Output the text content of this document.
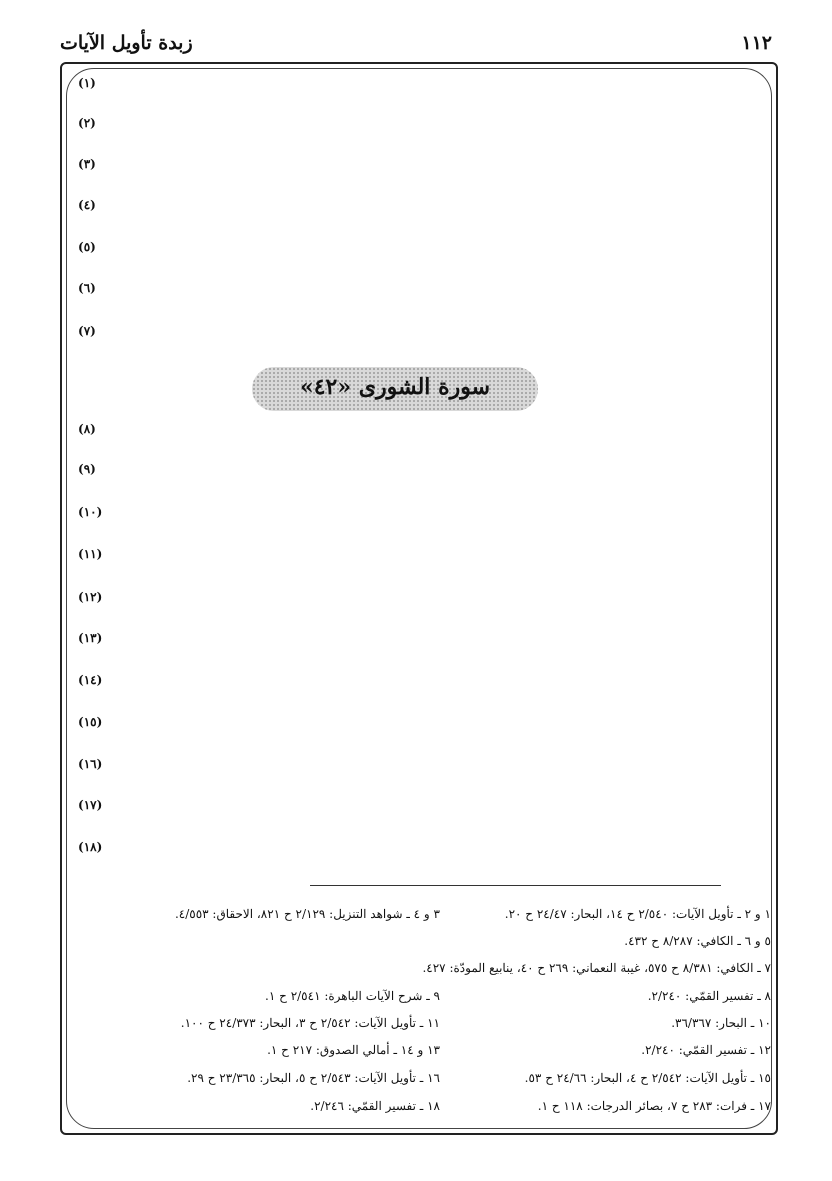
١١٢
زبدة تأويل الآيات
(١)
(٢)
(٣)
(٤)
(٥)
(٦)
(٧)
سورة الشورى «٤٢»
(٨)
(٩)
(١٠)
(١١)
(١٢)
(١٣)
(١٤)
(١٥)
(١٦)
(١٧)
(١٨)
١ و ٢ ـ تأويل الآيات: ٢/٥٤٠ ح ١٤، البحار: ٢٤/٤٧ ح ٢٠.
٣ و ٤ ـ شواهد التنزيل: ٢/١٢٩ ح ٨٢١، الاحقاق: ٤/٥٥٣.
٥ و ٦ ـ الكافي: ٨/٢٨٧ ح ٤٣٢.
٧ ـ الكافي: ٨/٣٨١ ح ٥٧٥، غيبة النعماني: ٢٦٩ ح ٤٠، ينابيع المودّة: ٤٢٧.
٨ ـ تفسير القمّي: ٢/٢٤٠.
٩ ـ شرح الآيات الباهرة: ٢/٥٤١ ح ١.
١٠ ـ البحار: ٣٦/٣٦٧.
١١ ـ تأويل الآيات: ٢/٥٤٢ ح ٣، البحار: ٢٤/٣٧٣ ح ١٠٠.
١٢ ـ تفسير القمّي: ٢/٢٤٠.
١٣ و ١٤ ـ أمالي الصدوق: ٢١٧ ح ١.
١٥ ـ تأويل الآيات: ٢/٥٤٢ ح ٤، البحار: ٢٤/٦٦ ح ٥٣.
١٦ ـ تأويل الآيات: ٢/٥٤٣ ح ٥، البحار: ٢٣/٣٦٥ ح ٢٩.
١٧ ـ فرات: ٢٨٣ ح ٧، بصائر الدرجات: ١١٨ ح ١.
١٨ ـ تفسير القمّي: ٢/٢٤٦.
